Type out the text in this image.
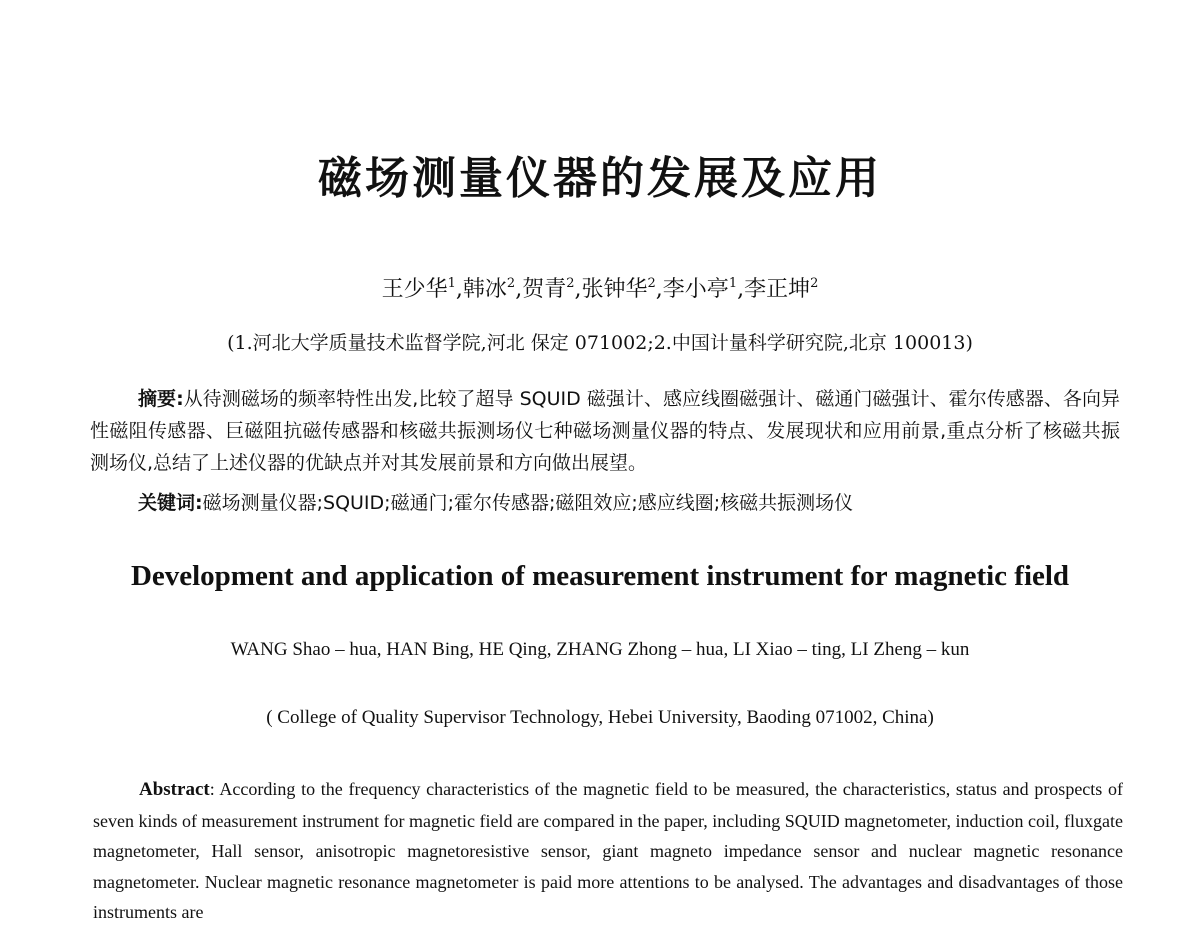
磁场测量仪器的发展及应用
王少华$^1$,韩冰$^2$,贺青$^2$,张钟华$^2$,李小亭$^1$,李正坤$^2$
(1.河北大学质量技术监督学院,河北 保定 071002;2.中国计量科学研究院,北京 100013)
摘要:从待测磁场的频率特性出发,比较了超导 SQUID 磁强计、感应线圈磁强计、磁通门磁强计、霍尔传感器、各向异性磁阻传感器、巨磁阻抗磁传感器和核磁共振测场仪七种磁场测量仪器的特点、发展现状和应用前景,重点分析了核磁共振测场仪,总结了上述仪器的优缺点并对其发展前景和方向做出展望。
关键词:磁场测量仪器;SQUID;磁通门;霍尔传感器;磁阻效应;感应线圈;核磁共振测场仪
Development and application of measurement instrument for magnetic field
WANG Shao – hua, HAN Bing, HE Qing, ZHANG Zhong – hua, LI Xiao – ting, LI Zheng – kun
( College of Quality Supervisor Technology, Hebei University, Baoding 071002, China)
Abstract: According to the frequency characteristics of the magnetic field to be measured, the characteristics, status and prospects of seven kinds of measurement instrument for magnetic field are compared in the paper, including SQUID magnetometer, induction coil, fluxgate magnetometer, Hall sensor, anisotropic magnetoresistive sensor, giant magneto impedance sensor and nuclear magnetic resonance magnetometer. Nuclear magnetic resonance magnetometer is paid more attentions to be analysed. The advantages and disadvantages of those instruments are
